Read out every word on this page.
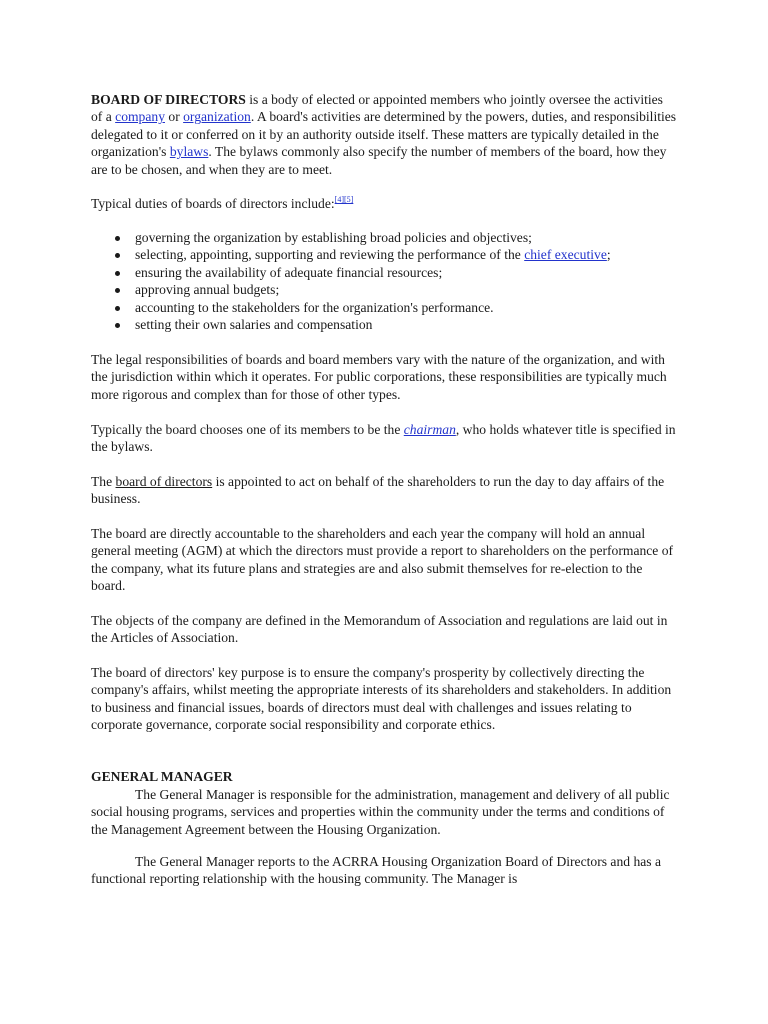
BOARD OF DIRECTORS is a body of elected or appointed members who jointly oversee the activities of a company or organization. A board's activities are determined by the powers, duties, and responsibilities delegated to it or conferred on it by an authority outside itself. These matters are typically detailed in the organization's bylaws. The bylaws commonly also specify the number of members of the board, how they are to be chosen, and when they are to meet.

Typical duties of boards of directors include:[4][5]

governing the organization by establishing broad policies and objectives;
selecting, appointing, supporting and reviewing the performance of the chief executive;
ensuring the availability of adequate financial resources;
approving annual budgets;
accounting to the stakeholders for the organization's performance.
setting their own salaries and compensation

The legal responsibilities of boards and board members vary with the nature of the organization, and with the jurisdiction within which it operates. For public corporations, these responsibilities are typically much more rigorous and complex than for those of other types.

Typically the board chooses one of its members to be the chairman, who holds whatever title is specified in the bylaws.

The board of directors is appointed to act on behalf of the shareholders to run the day to day affairs of the business.

The board are directly accountable to the shareholders and each year the company will hold an annual general meeting (AGM) at which the directors must provide a report to shareholders on the performance of the company, what its future plans and strategies are and also submit themselves for re-election to the board.

The objects of the company are defined in the Memorandum of Association and regulations are laid out in the Articles of Association.

The board of directors' key purpose is to ensure the company's prosperity by collectively directing the company's affairs, whilst meeting the appropriate interests of its shareholders and stakeholders. In addition to business and financial issues, boards of directors must deal with challenges and issues relating to corporate governance, corporate social responsibility and corporate ethics.

GENERAL MANAGER

The General Manager is responsible for the administration, management and delivery of all public social housing programs, services and properties within the community under the terms and conditions of the Management Agreement between the Housing Organization.

The General Manager reports to the ACRRA Housing Organization Board of Directors and has a functional reporting relationship with the housing community. The Manager is
